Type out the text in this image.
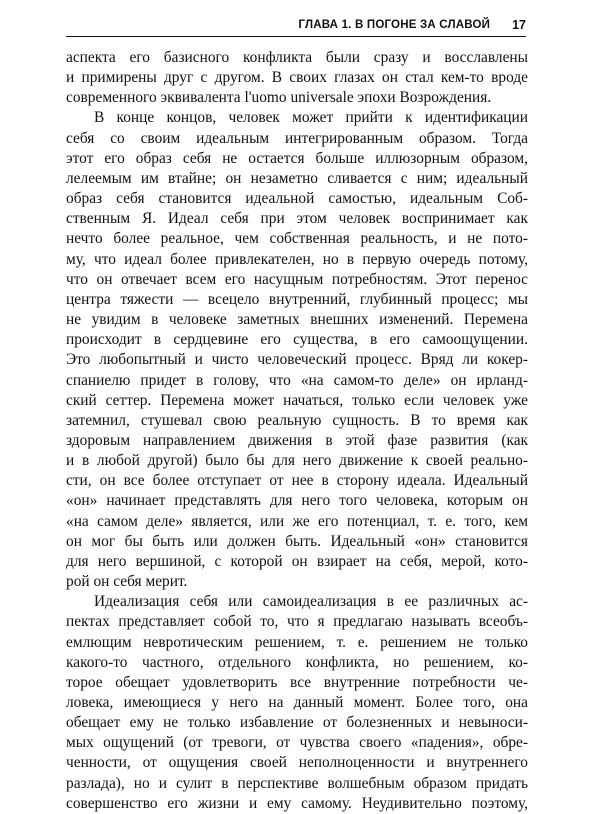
ГЛАВА 1. В ПОГОНЕ ЗА СЛАВОЙ 17
аспекта его базисного конфликта были сразу и восславлены
и примирены друг с другом. В своих глазах он стал кем-то вроде
современного эквивалента l'uomo universale эпохи Возрождения.
В конце концов, человек может прийти к идентификации
себя со своим идеальным интегрированным образом. Тогда
этот его образ себя не остается больше иллюзорным образом,
лелеемым им втайне; он незаметно сливается с ним; идеальный
образ себя становится идеальной самостью, идеальным Соб-
ственным Я. Идеал себя при этом человек воспринимает как
нечто более реальное, чем собственная реальность, и не пото-
му, что идеал более привлекателен, но в первую очередь потому,
что он отвечает всем его насущным потребностям. Этот перенос
центра тяжести — всецело внутренний, глубинный процесс; мы
не увидим в человеке заметных внешних изменений. Перемена
происходит в сердцевине его существа, в его самоощущении.
Это любопытный и чисто человеческий процесс. Вряд ли кокер-
спаниелю придет в голову, что «на самом-то деле» он ирланд-
ский сеттер. Перемена может начаться, только если человек уже
затемнил, стушевал свою реальную сущность. В то время как
здоровым направлением движения в этой фазе развития (как
и в любой другой) было бы для него движение к своей реально-
сти, он все более отступает от нее в сторону идеала. Идеальный
«он» начинает представлять для него того человека, которым он
«на самом деле» является, или же его потенциал, т. е. того, кем
он мог бы быть или должен быть. Идеальный «он» становится
для него вершиной, с которой он взирает на себя, мерой, кото-
рой он себя мерит.
Идеализация себя или самоидеализация в ее различных ас-
пектах представляет собой то, что я предлагаю называть всеобъ-
емлющим невротическим решением, т. е. решением не только
какого-то частного, отдельного конфликта, но решением, ко-
торое обещает удовлетворить все внутренние потребности че-
ловека, имеющиеся у него на данный момент. Более того, она
обещает ему не только избавление от болезненных и невыноси-
мых ощущений (от тревоги, от чувства своего «падения», обре-
ченности, от ощущения своей неполноценности и внутреннего
разлада), но и сулит в перспективе волшебным образом придать
совершенство его жизни и ему самому. Неудивительно поэтому,
